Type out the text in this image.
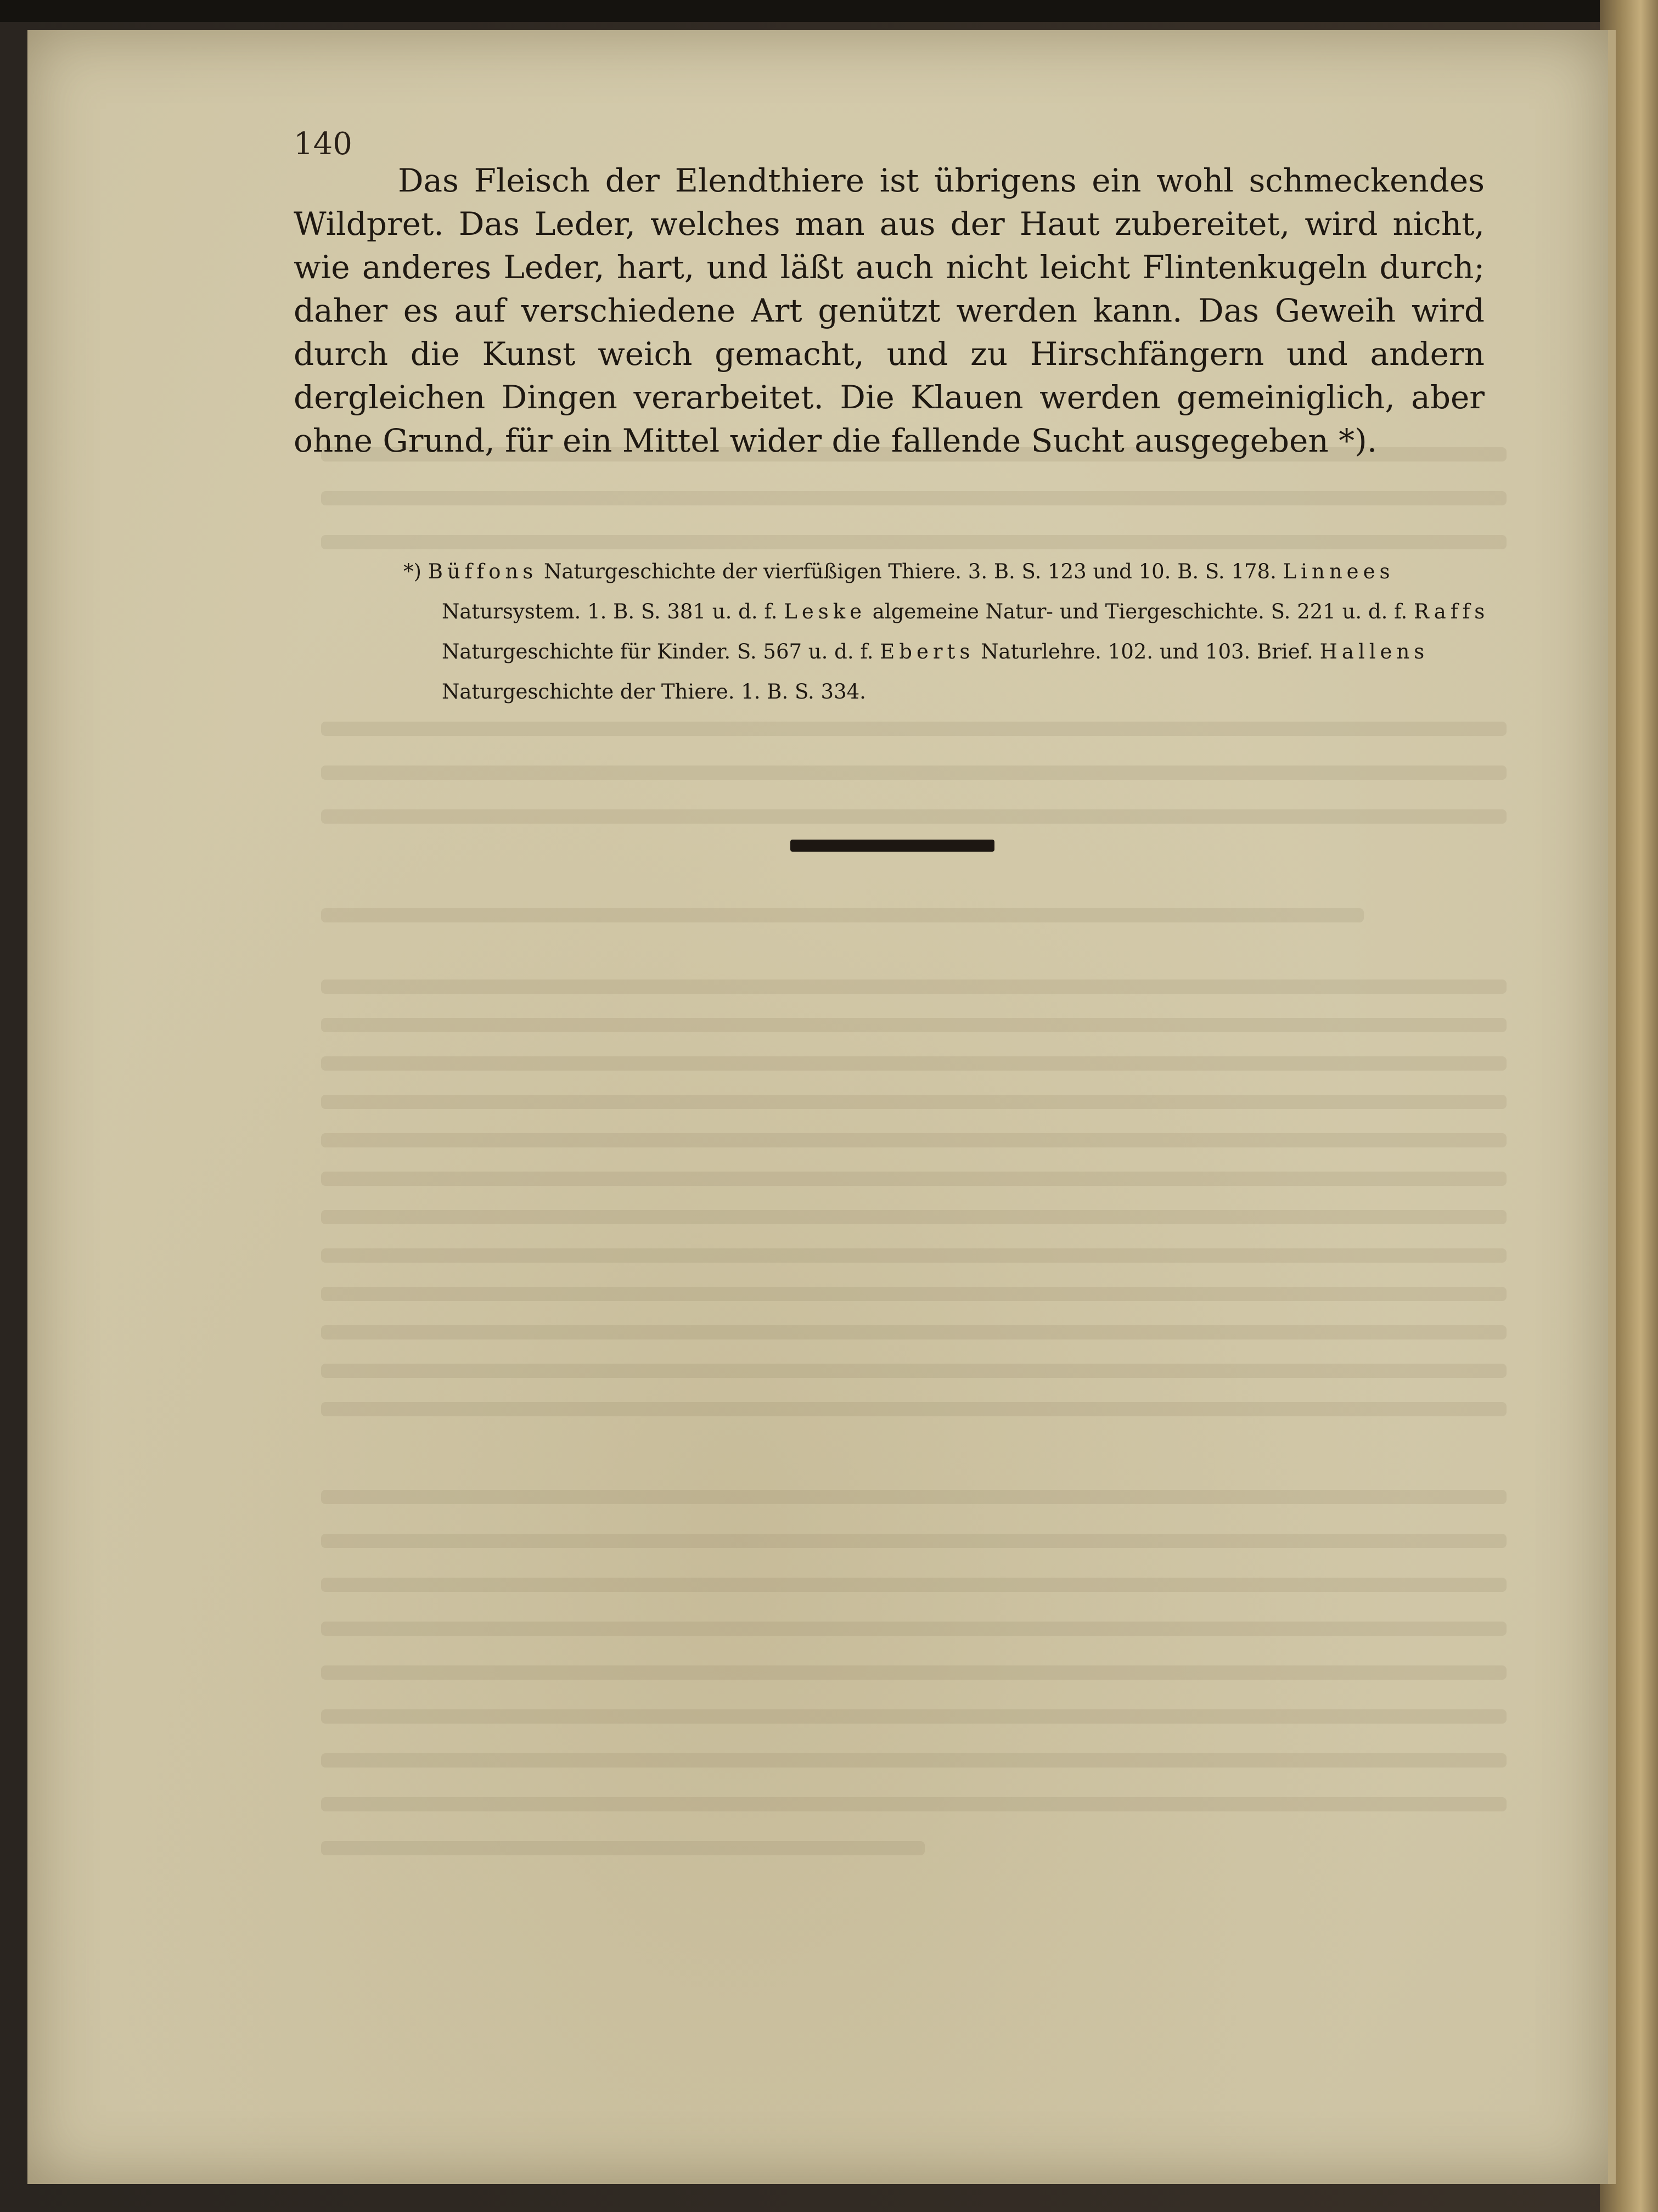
140

Das Fleisch der Elendthiere ist übrigens ein wohl schmeckendes Wildpret. Das Leder, welches man aus der Haut zubereitet, wird nicht, wie anderes Leder, hart, und läßt auch nicht leicht Flintenkugeln durch; daher es auf verschiedene Art genützt werden kann. Das Geweih wird durch die Kunst weich gemacht, und zu Hirschfängern und andern dergleichen Dingen verarbeitet. Die Klauen werden gemeiniglich, aber ohne Grund, für ein Mittel wider die fallende Sucht ausgegeben *).

*) Büffons Naturgeschichte der vierfüßigen Thiere. 3. B. S. 123 und 10. B. S. 178. Linnees Natursystem. 1. B. S. 381 u. d. f. Leske algemeine Natur- und Tiergeschichte. S. 221 u. d. f. Raffs Naturgeschichte für Kinder. S. 567 u. d. f. Eberts Naturlehre. 102. und 103. Brief. Hallens Naturgeschichte der Thiere. 1. B. S. 334.
